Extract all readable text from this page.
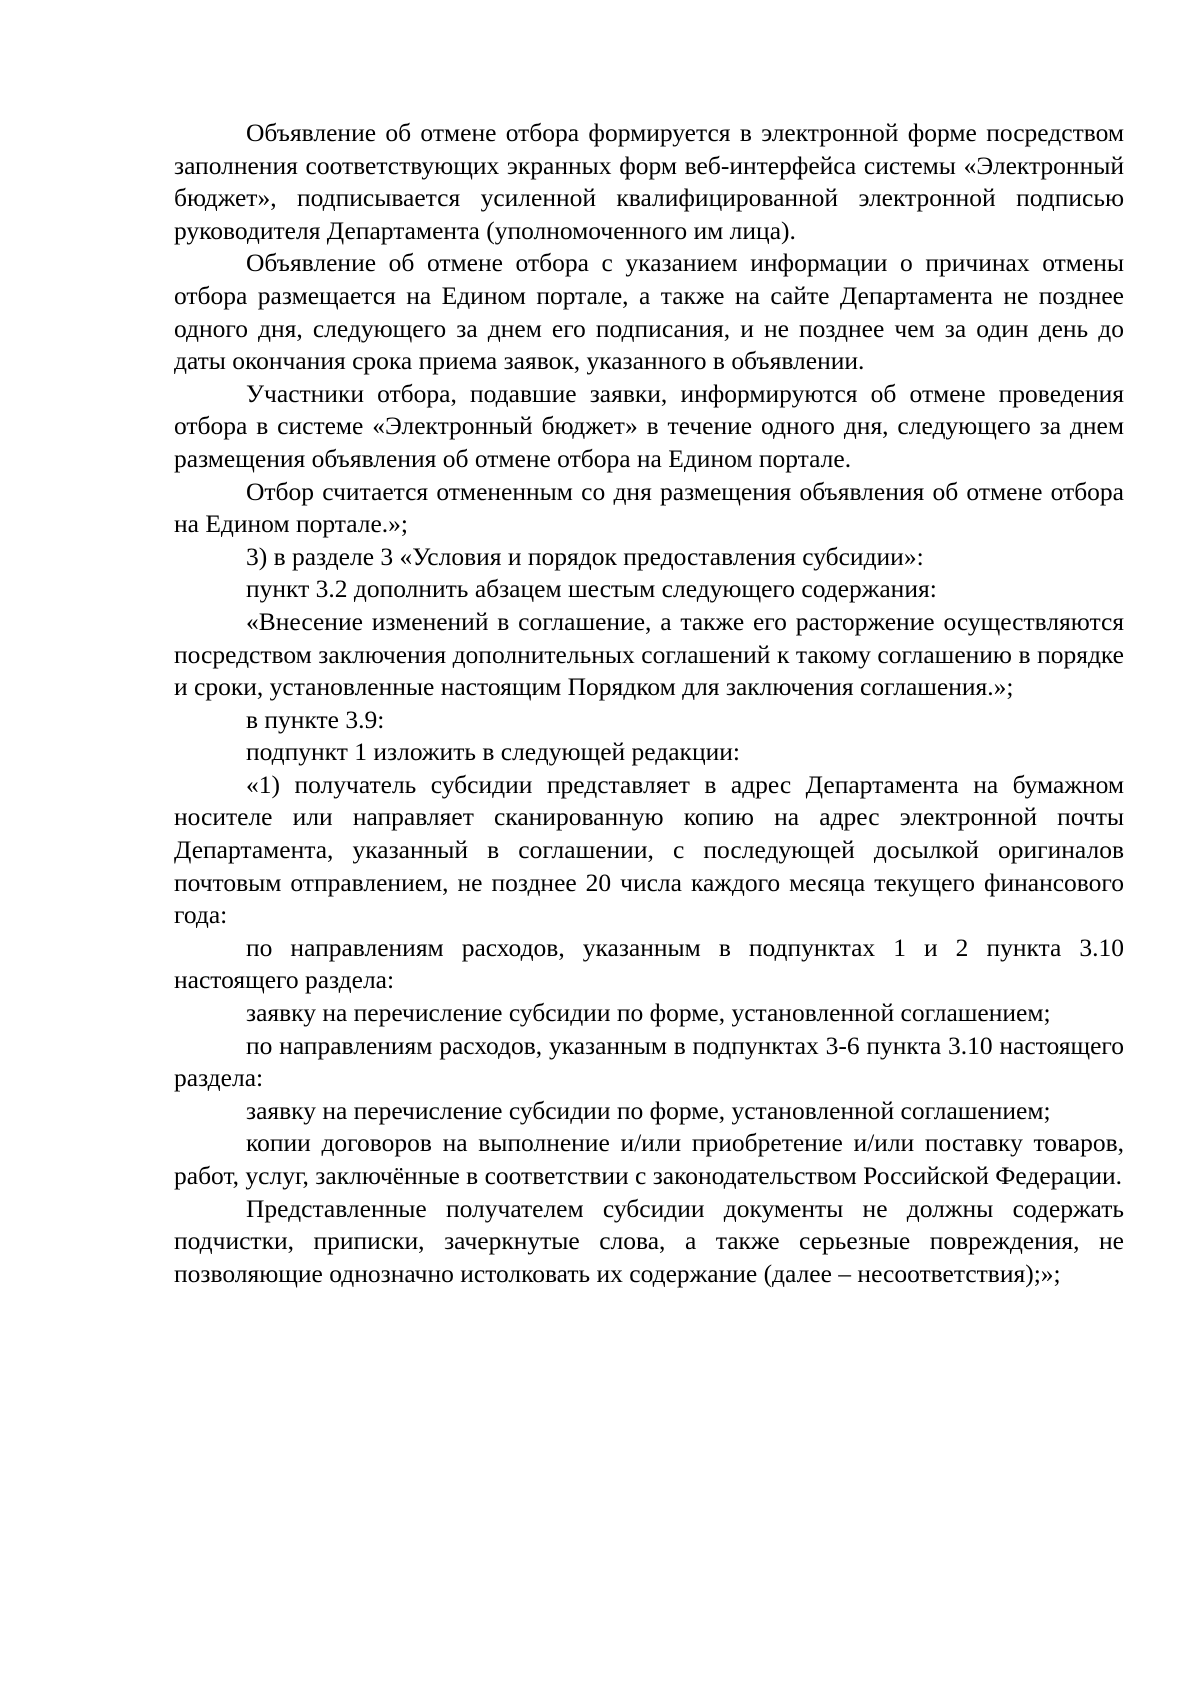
Объявление об отмене отбора формируется в электронной форме посредством заполнения соответствующих экранных форм веб-интерфейса системы «Электронный бюджет», подписывается усиленной квалифицированной электронной подписью руководителя Департамента (уполномоченного им лица).

Объявление об отмене отбора с указанием информации о причинах отмены отбора размещается на Едином портале, а также на сайте Департамента не позднее одного дня, следующего за днем его подписания, и не позднее чем за один день до даты окончания срока приема заявок, указанного в объявлении.

Участники отбора, подавшие заявки, информируются об отмене проведения отбора в системе «Электронный бюджет» в течение одного дня, следующего за днем размещения объявления об отмене отбора на Едином портале.

Отбор считается отмененным со дня размещения объявления об отмене отбора на Едином портале.»;

3) в разделе 3 «Условия и порядок предоставления субсидии»:

пункт 3.2 дополнить абзацем шестым следующего содержания:

«Внесение изменений в соглашение, а также его расторжение осуществляются посредством заключения дополнительных соглашений к такому соглашению в порядке и сроки, установленные настоящим Порядком для заключения соглашения.»;

в пункте 3.9:

подпункт 1 изложить в следующей редакции:

«1) получатель субсидии представляет в адрес Департамента на бумажном носителе или направляет сканированную копию на адрес электронной почты Департамента, указанный в соглашении, с последующей досылкой оригиналов почтовым отправлением, не позднее 20 числа каждого месяца текущего финансового года:

по направлениям расходов, указанным в подпунктах 1 и 2 пункта 3.10 настоящего раздела:

заявку на перечисление субсидии по форме, установленной соглашением;

по направлениям расходов, указанным в подпунктах 3-6 пункта 3.10 настоящего раздела:

заявку на перечисление субсидии по форме, установленной соглашением;

копии договоров на выполнение и/или приобретение и/или поставку товаров, работ, услуг, заключённые в соответствии с законодательством Российской Федерации.

Представленные получателем субсидии документы не должны содержать подчистки, приписки, зачеркнутые слова, а также серьезные повреждения, не позволяющие однозначно истолковать их содержание (далее – несоответствия);»;
